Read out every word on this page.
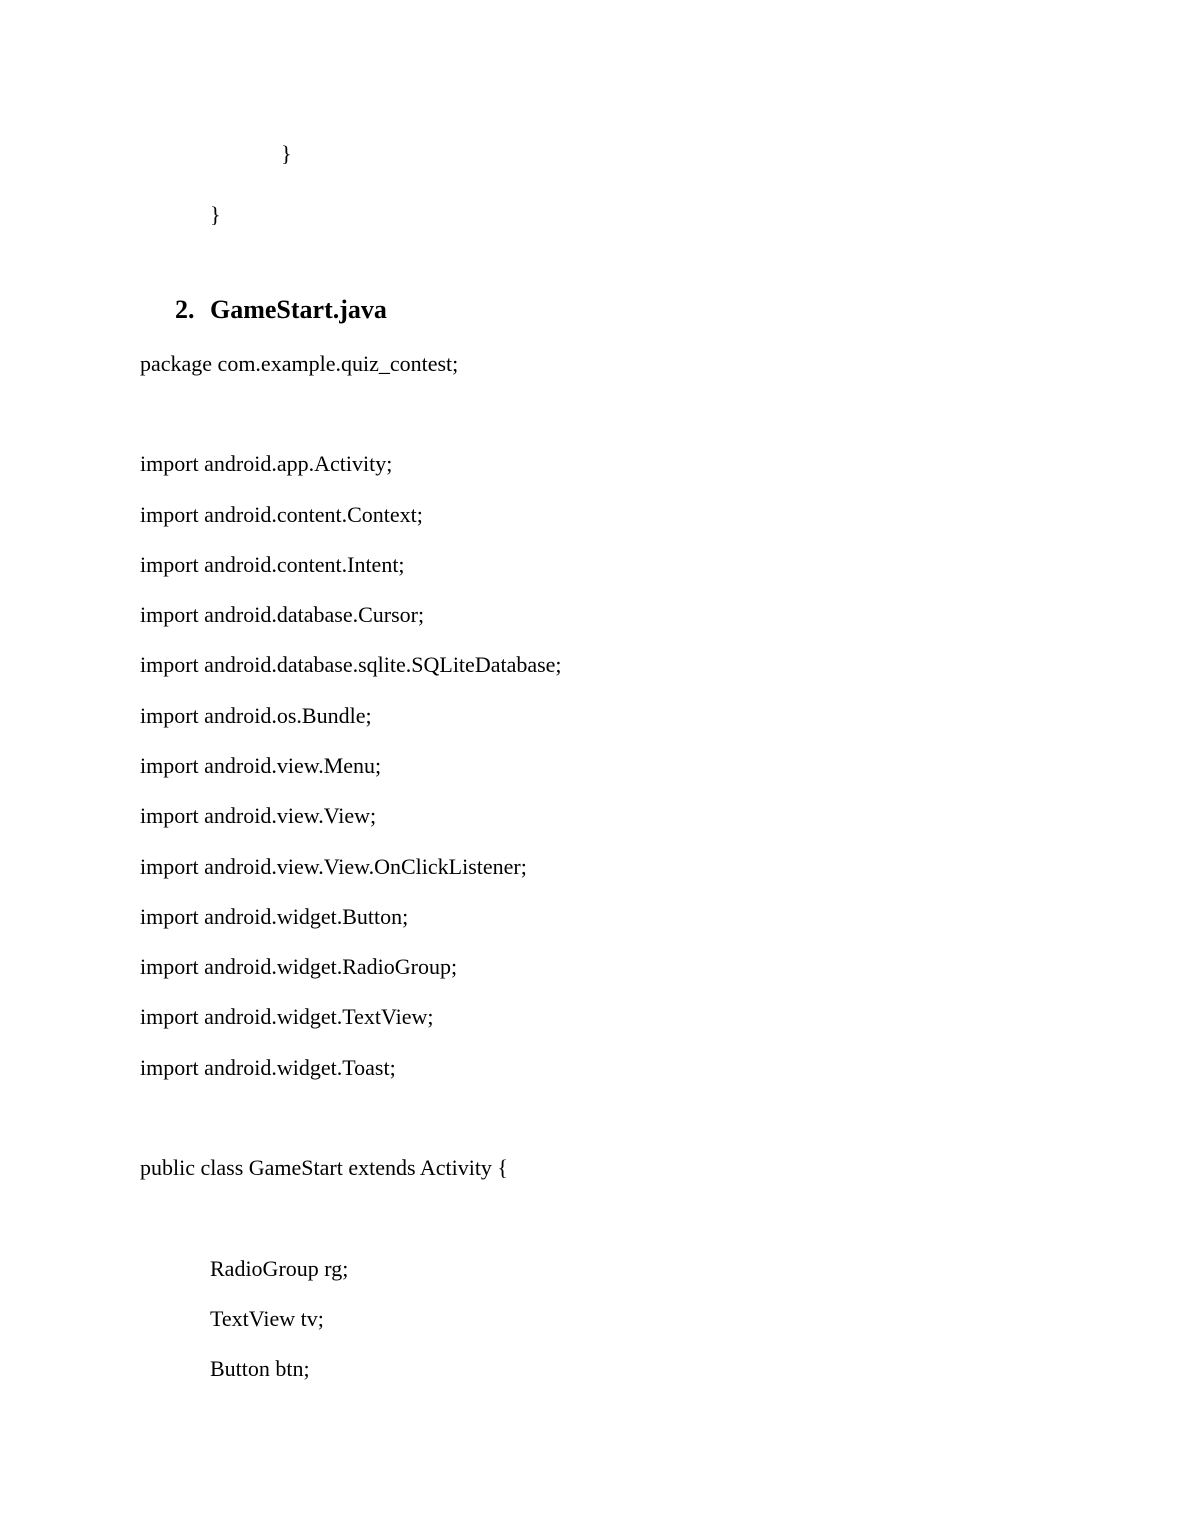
}
}

2.

GameStart.java

package com.example.quiz_contest;
import android.app.Activity;
import android.content.Context;
import android.content.Intent;
import android.database.Cursor;
import android.database.sqlite.SQLiteDatabase;
import android.os.Bundle;
import android.view.Menu;
import android.view.View;
import android.view.View.OnClickListener;
import android.widget.Button;
import android.widget.RadioGroup;
import android.widget.TextView;
import android.widget.Toast;
public class GameStart extends Activity {
RadioGroup rg;
TextView tv;
Button btn;
